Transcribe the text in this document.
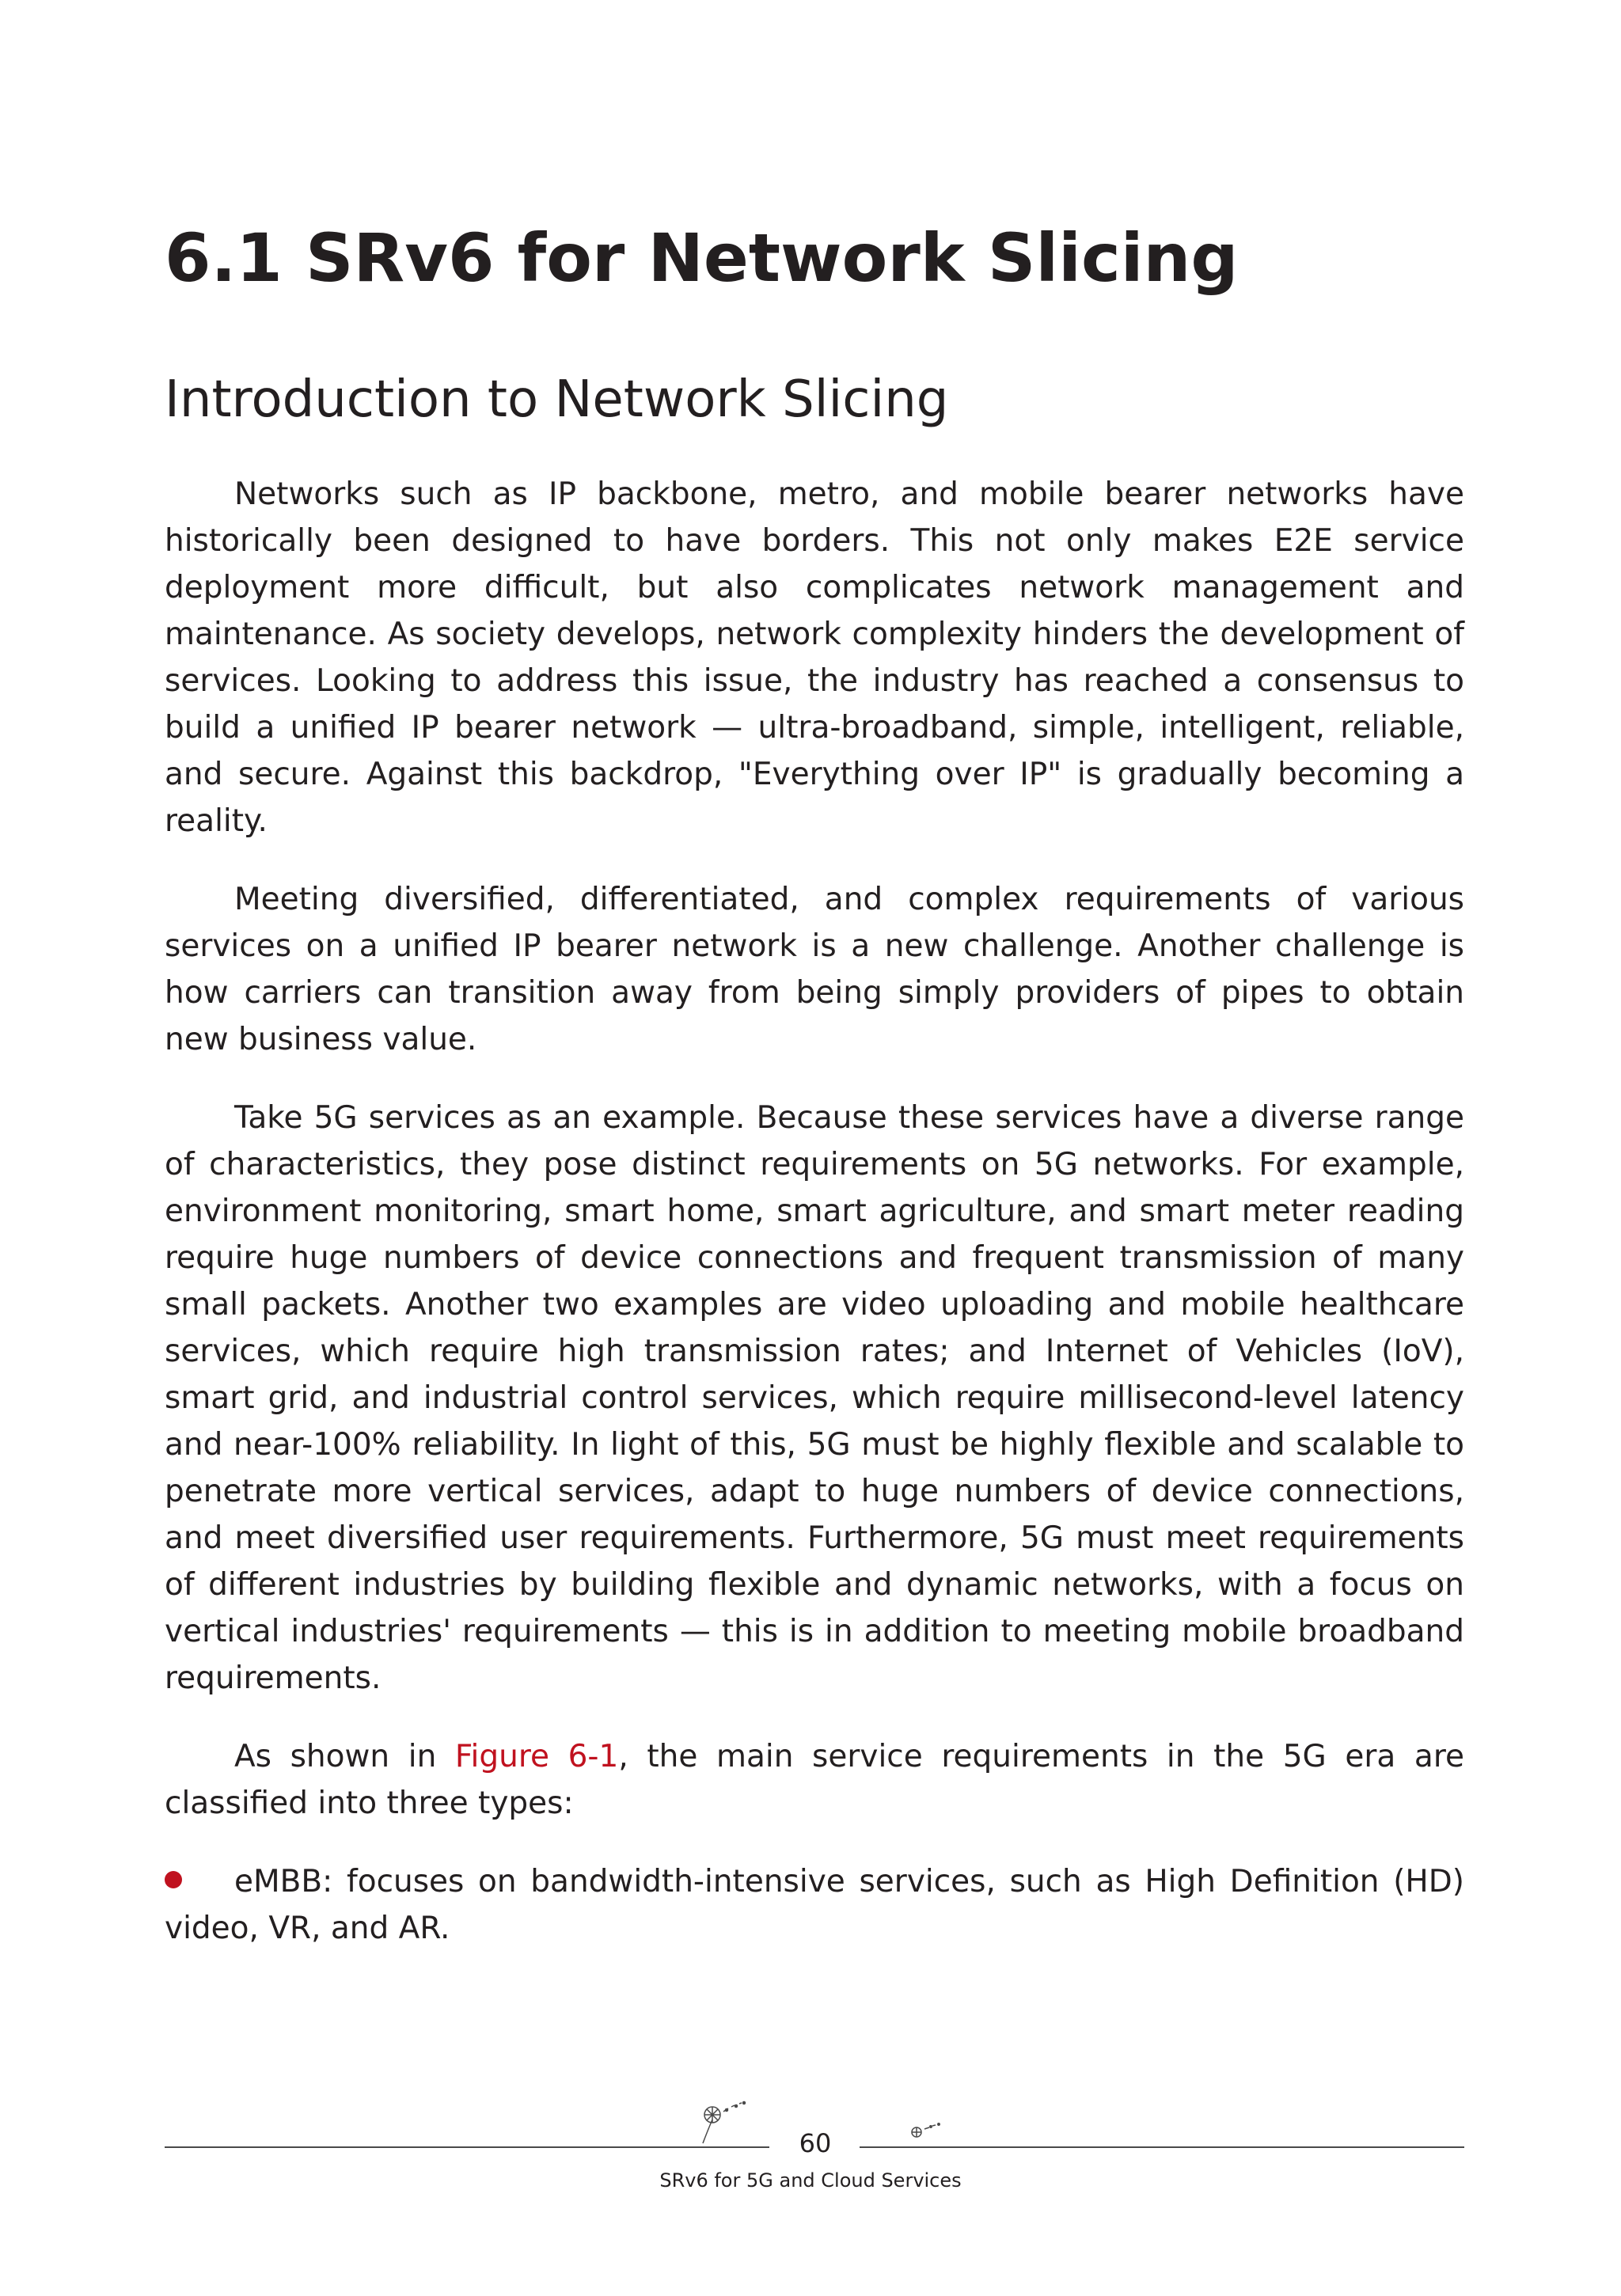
6.1 SRv6 for Network Slicing
Introduction to Network Slicing

Networks such as IP backbone, metro, and mobile bearer networks have historically been designed to have borders. This not only makes E2E service deployment more difficult, but also complicates network management and maintenance. As society develops, network complexity hinders the development of services. Looking to address this issue, the industry has reached a consensus to build a unified IP bearer network — ultra-broadband, simple, intelligent, reliable, and secure. Against this backdrop, "Everything over IP" is gradually becoming a reality.

Meeting diversified, differentiated, and complex requirements of various services on a unified IP bearer network is a new challenge. Another challenge is how carriers can transition away from being simply providers of pipes to obtain new business value.

Take 5G services as an example. Because these services have a diverse range of characteristics, they pose distinct requirements on 5G networks. For example, environment monitoring, smart home, smart agriculture, and smart meter reading require huge numbers of device connections and frequent transmission of many small packets. Another two examples are video uploading and mobile healthcare services, which require high transmission rates; and Internet of Vehicles (IoV), smart grid, and industrial control services, which require millisecond-level latency and near-100% reliability. In light of this, 5G must be highly flexible and scalable to penetrate more vertical services, adapt to huge numbers of device connections, and meet diversified user requirements. Furthermore, 5G must meet requirements of different industries by building flexible and dynamic networks, with a focus on vertical industries' requirements — this is in addition to meeting mobile broadband requirements.

As shown in Figure 6-1, the main service requirements in the 5G era are classified into three types:

eMBB: focuses on bandwidth-intensive services, such as High Definition (HD) video, VR, and AR.

60
SRv6 for 5G and Cloud Services
